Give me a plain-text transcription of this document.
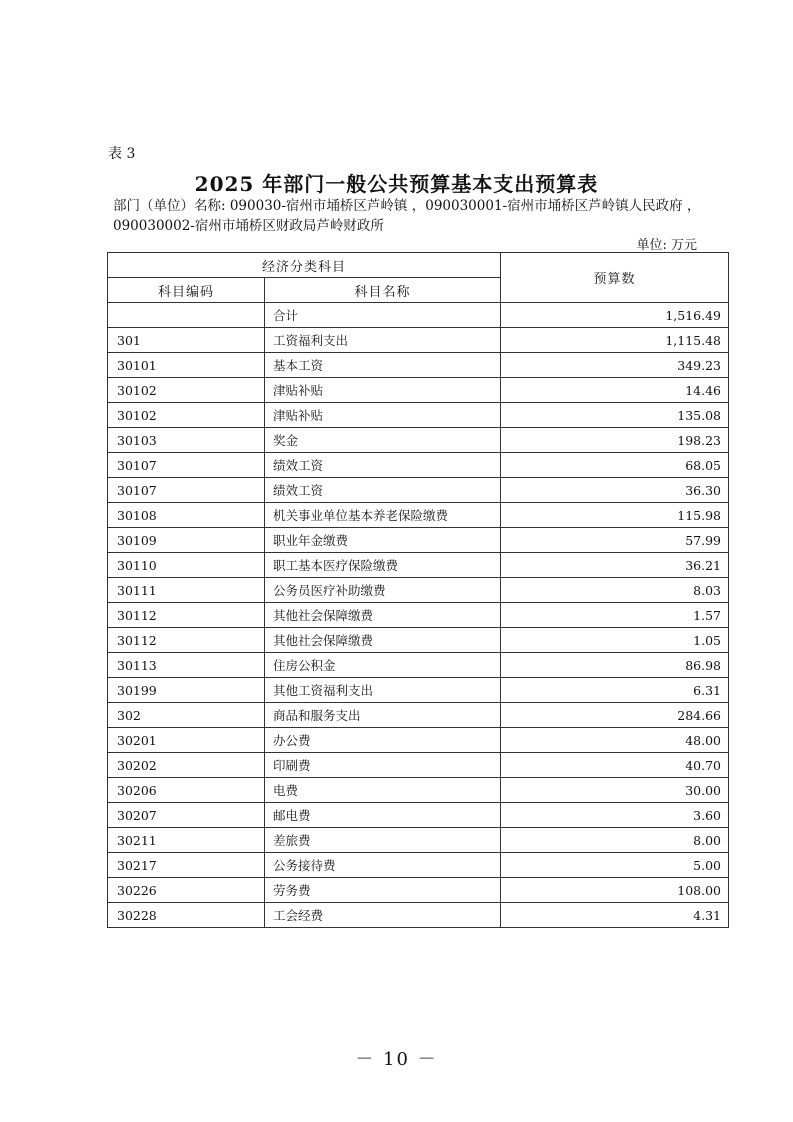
表 3
2025 年部门一般公共预算基本支出预算表
部门（单位）名称: 090030-宿州市埇桥区芦岭镇 ，090030001-宿州市埇桥区芦岭镇人民政府 ，
090030002-宿州市埇桥区财政局芦岭财政所
单位: 万元
经济分类科目		预算数
科目编码	科目名称	
	合计	1,516.49
301	工资福利支出	1,115.48
30101	基本工资	349.23
30102	津贴补贴	14.46
30102	津贴补贴	135.08
30103	奖金	198.23
30107	绩效工资	68.05
30107	绩效工资	36.30
30108	机关事业单位基本养老保险缴费	115.98
30109	职业年金缴费	57.99
30110	职工基本医疗保险缴费	36.21
30111	公务员医疗补助缴费	8.03
30112	其他社会保障缴费	1.57
30112	其他社会保障缴费	1.05
30113	住房公积金	86.98
30199	其他工资福利支出	6.31
302	商品和服务支出	284.66
30201	办公费	48.00
30202	印刷费	40.70
30206	电费	30.00
30207	邮电费	3.60
30211	差旅费	8.00
30217	公务接待费	5.00
30226	劳务费	108.00
30228	工会经费	4.31
－ 10 －
